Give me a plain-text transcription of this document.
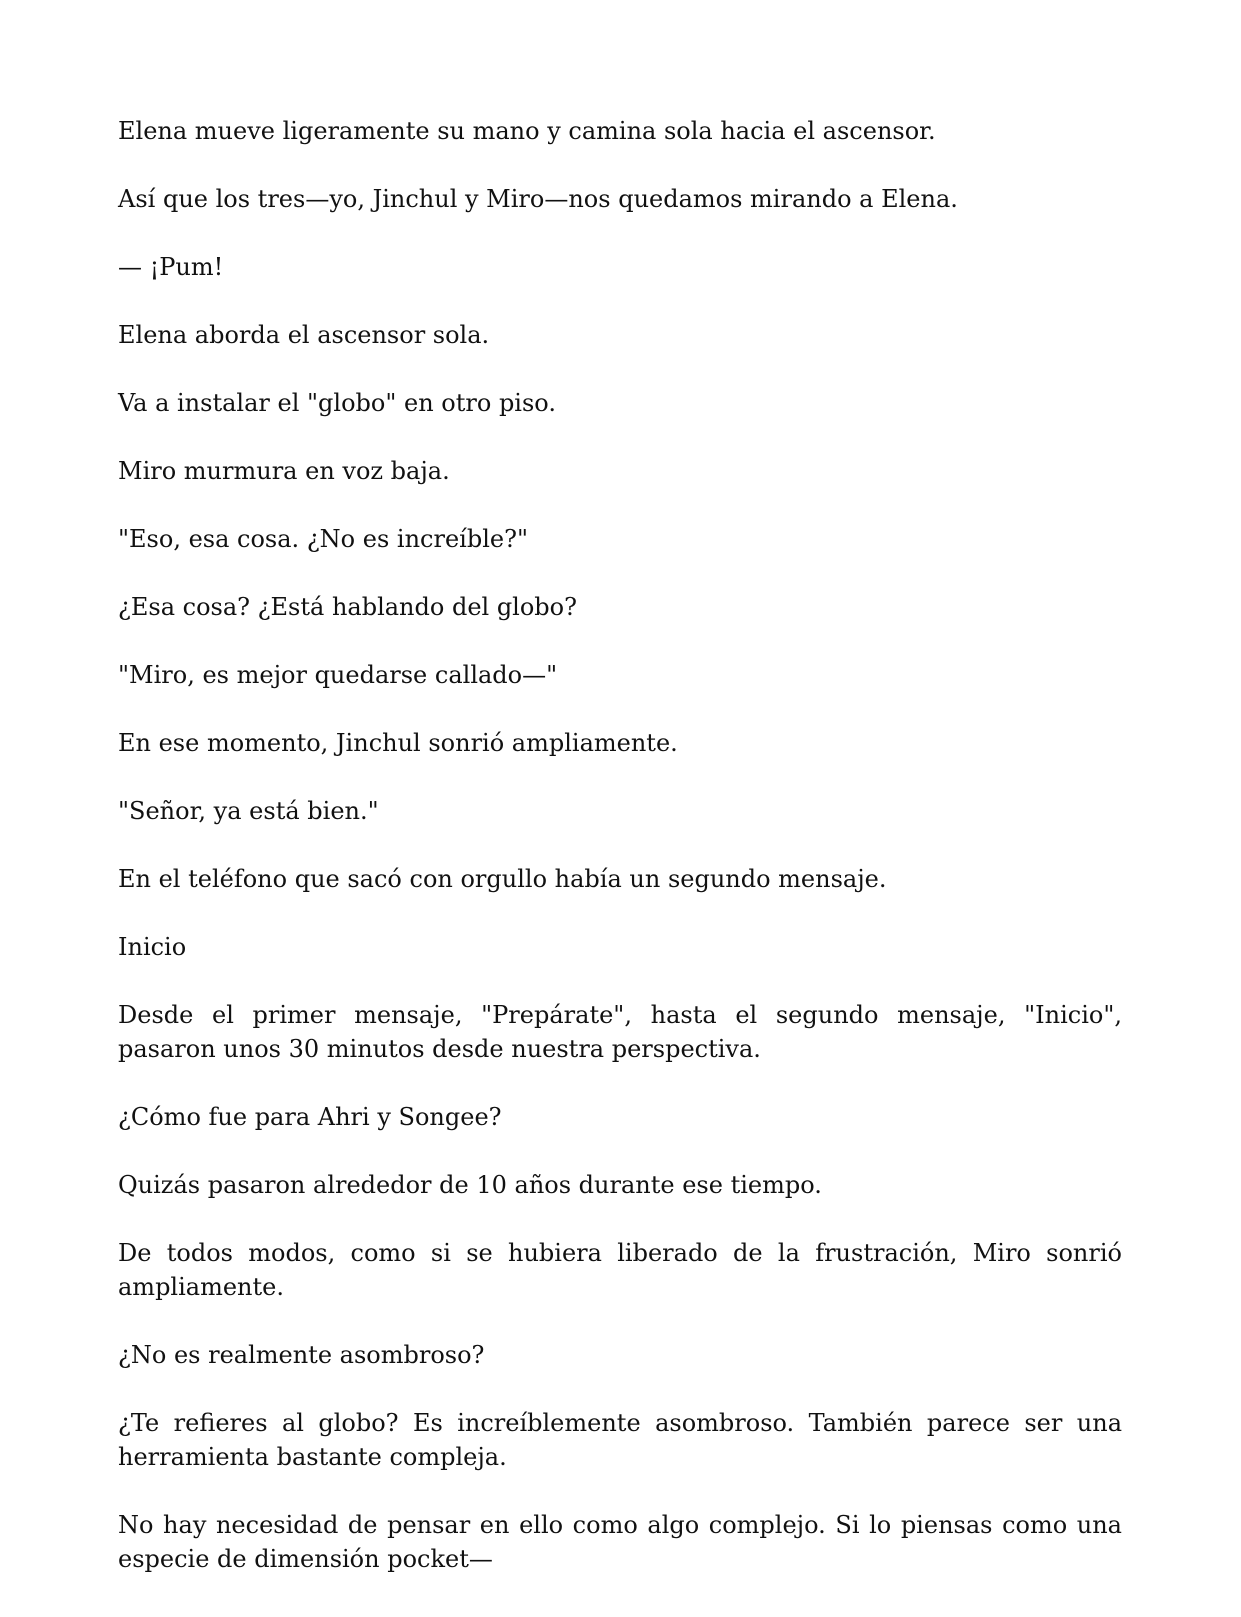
Elena mueve ligeramente su mano y camina sola hacia el ascensor.

Así que los tres—yo, Jinchul y Miro—nos quedamos mirando a Elena.

— ¡Pum!

Elena aborda el ascensor sola.

Va a instalar el "globo" en otro piso.

Miro murmura en voz baja.

"Eso, esa cosa. ¿No es increíble?"

¿Esa cosa? ¿Está hablando del globo?

"Miro, es mejor quedarse callado—"

En ese momento, Jinchul sonrió ampliamente.

"Señor, ya está bien."

En el teléfono que sacó con orgullo había un segundo mensaje.

Inicio

Desde el primer mensaje, "Prepárate", hasta el segundo mensaje, "Inicio", pasaron unos 30 minutos desde nuestra perspectiva.

¿Cómo fue para Ahri y Songee?

Quizás pasaron alrededor de 10 años durante ese tiempo.

De todos modos, como si se hubiera liberado de la frustración, Miro sonrió ampliamente.

¿No es realmente asombroso?

¿Te refieres al globo? Es increíblemente asombroso. También parece ser una herramienta bastante compleja.

No hay necesidad de pensar en ello como algo complejo. Si lo piensas como una especie de dimensión pocket—
